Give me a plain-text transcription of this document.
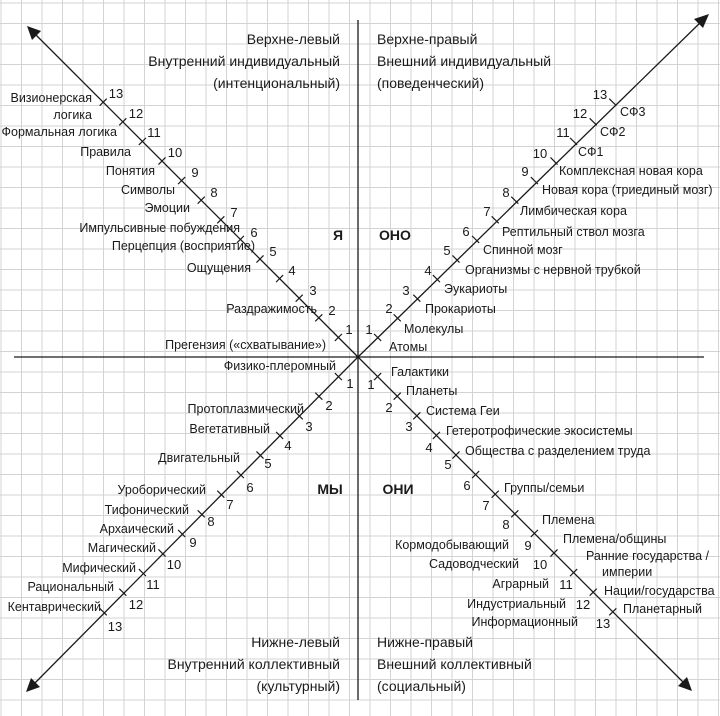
Верхне-левый
Внутренний индивидуальный
(интенциональный)
Верхне-правый
Внешний индивидуальный
(поведенческий)
Нижне-левый
Внутренний коллективный
(культурный)
Нижне-правый
Внешний коллективный
(социальный)
Я	ОНО
МЫ	ОНИ
Прегензия («схватывание»)
Раздражимость
Ощущения
Перцепция (восприятие)
Импульсивные побуждения
Эмоции
Символы
Понятия
Правила
Формальная логика
Визионерская
логика
Атомы
Молекулы
Прокариоты
Эукариоты
Организмы с нервной трубкой
Спинной мозг
Рептильный ствол мозга
Лимбическая кора
Новая кора (триединый мозг)
Комплексная новая кора
СФ1
СФ2
СФ3
Физико-плеромный
Протоплазмический
Вегетативный
Двигательный
Уроборический
Тифонический
Архаический
Магический
Мифический
Рациональный
Кентаврический
Галактики
Планеты
Система Геи
Гетеротрофические экосистемы
Общества с разделением труда
Группы/семьи
Племена
Племена/общины
Ранние государства /
империи
Нации/государства
Планетарный
Кормодобывающий
Садоводческий
Аграрный
Индустриальный
Информационный
1
2
3
4
5
6
7
8
9
10
11
12
13
1
2
3
4
5
6
7
8
9
10
11
12
13
1
2
3
4
5
6
7
8
9
10
11
12
13
1
2
3
4
5
6
7
8
9
10
11
12
13
